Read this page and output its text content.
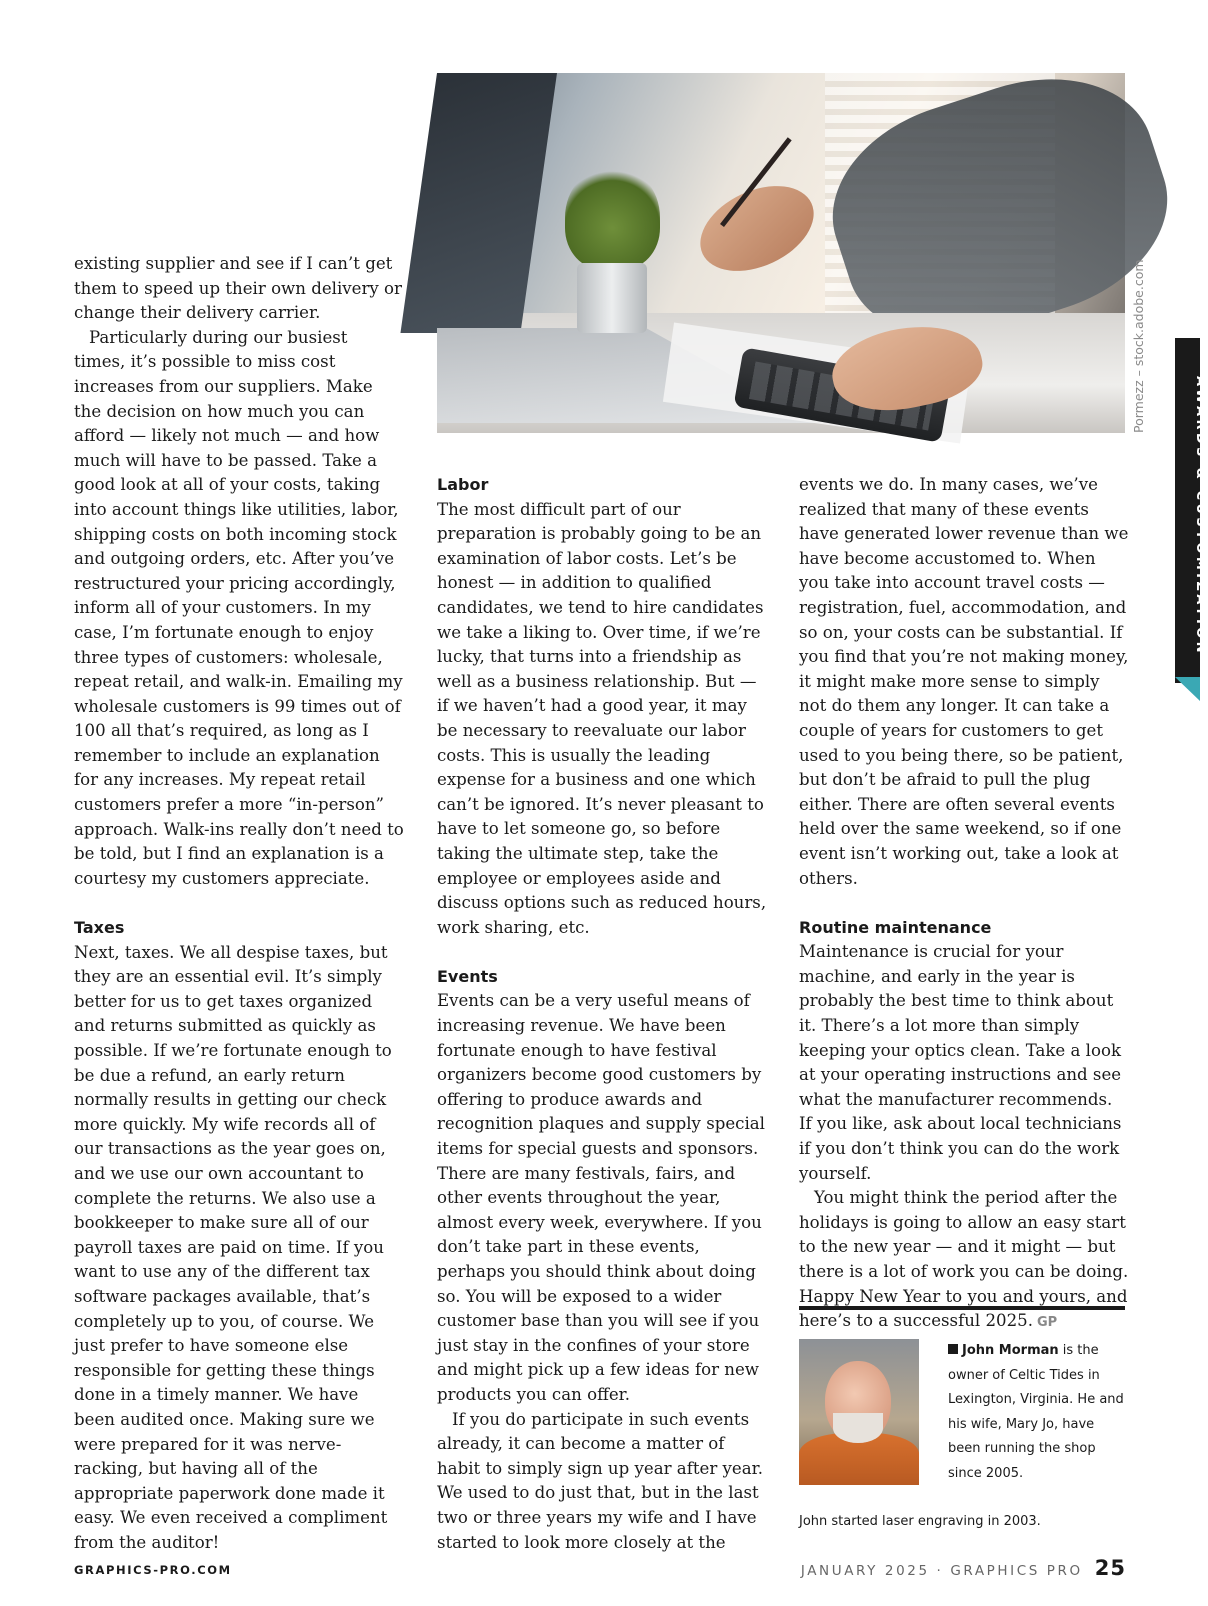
Pormezz – stock.adobe.com
AWARDS & CUSTOMIZATION

existing supplier and see if I can’t get them to speed up their own delivery or change their delivery carrier.

Particularly during our busiest times, it’s possible to miss cost increases from our suppliers. Make the decision on how much you can afford — likely not much — and how much will have to be passed. Take a good look at all of your costs, taking into account things like utilities, labor, shipping costs on both incoming stock and outgoing orders, etc. After you’ve restructured your pricing accordingly, inform all of your customers. In my case, I’m fortunate enough to enjoy three types of customers: wholesale, repeat retail, and walk-in. Emailing my wholesale customers is 99 times out of 100 all that’s required, as long as I remember to include an explanation for any increases. My repeat retail customers prefer a more “in-person” approach. Walk-ins really don’t need to be told, but I find an explanation is a courtesy my customers appreciate.

Taxes

Next, taxes. We all despise taxes, but they are an essential evil. It’s simply better for us to get taxes organized and returns submitted as quickly as possible. If we’re fortunate enough to be due a refund, an early return normally results in getting our check more quickly. My wife records all of our transactions as the year goes on, and we use our own accountant to complete the returns. We also use a bookkeeper to make sure all of our payroll taxes are paid on time. If you want to use any of the different tax software packages available, that’s completely up to you, of course. We just prefer to have someone else responsible for getting these things done in a timely manner. We have been audited once. Making sure we were prepared for it was nerve-racking, but having all of the appropriate paperwork done made it easy. We even received a compliment from the auditor!

Labor

The most difficult part of our preparation is probably going to be an examination of labor costs. Let’s be honest — in addition to qualified candidates, we tend to hire candidates we take a liking to. Over time, if we’re lucky, that turns into a friendship as well as a business relationship. But — if we haven’t had a good year, it may be necessary to reevaluate our labor costs. This is usually the leading expense for a business and one which can’t be ignored. It’s never pleasant to have to let someone go, so before taking the ultimate step, take the employee or employees aside and discuss options such as reduced hours, work sharing, etc.

Events

Events can be a very useful means of increasing revenue. We have been fortunate enough to have festival organizers become good customers by offering to produce awards and recognition plaques and supply special items for special guests and sponsors. There are many festivals, fairs, and other events throughout the year, almost every week, everywhere. If you don’t take part in these events, perhaps you should think about doing so. You will be exposed to a wider customer base than you will see if you just stay in the confines of your store and might pick up a few ideas for new products you can offer.

If you do participate in such events already, it can become a matter of habit to simply sign up year after year. We used to do just that, but in the last two or three years my wife and I have started to look more closely at the

events we do. In many cases, we’ve realized that many of these events have generated lower revenue than we have become accustomed to. When you take into account travel costs — registration, fuel, accommodation, and so on, your costs can be substantial. If you find that you’re not making money, it might make more sense to simply not do them any longer. It can take a couple of years for customers to get used to you being there, so be patient, but don’t be afraid to pull the plug either. There are often several events held over the same weekend, so if one event isn’t working out, take a look at others.

Routine maintenance

Maintenance is crucial for your machine, and early in the year is probably the best time to think about it. There’s a lot more than simply keeping your optics clean. Take a look at your operating instructions and see what the manufacturer recommends. If you like, ask about local technicians if you don’t think you can do the work yourself.

You might think the period after the holidays is going to allow an easy start to the new year — and it might — but there is a lot of work you can be doing. Happy New Year to you and yours, and here’s to a successful 2025. GP

John Morman is the owner of Celtic Tides in Lexington, Virginia. He and his wife, Mary Jo, have been running the shop since 2005.
John started laser engraving in 2003.
GRAPHICS-PRO.COM	JANUARY 2025 · GRAPHICS PRO 25
